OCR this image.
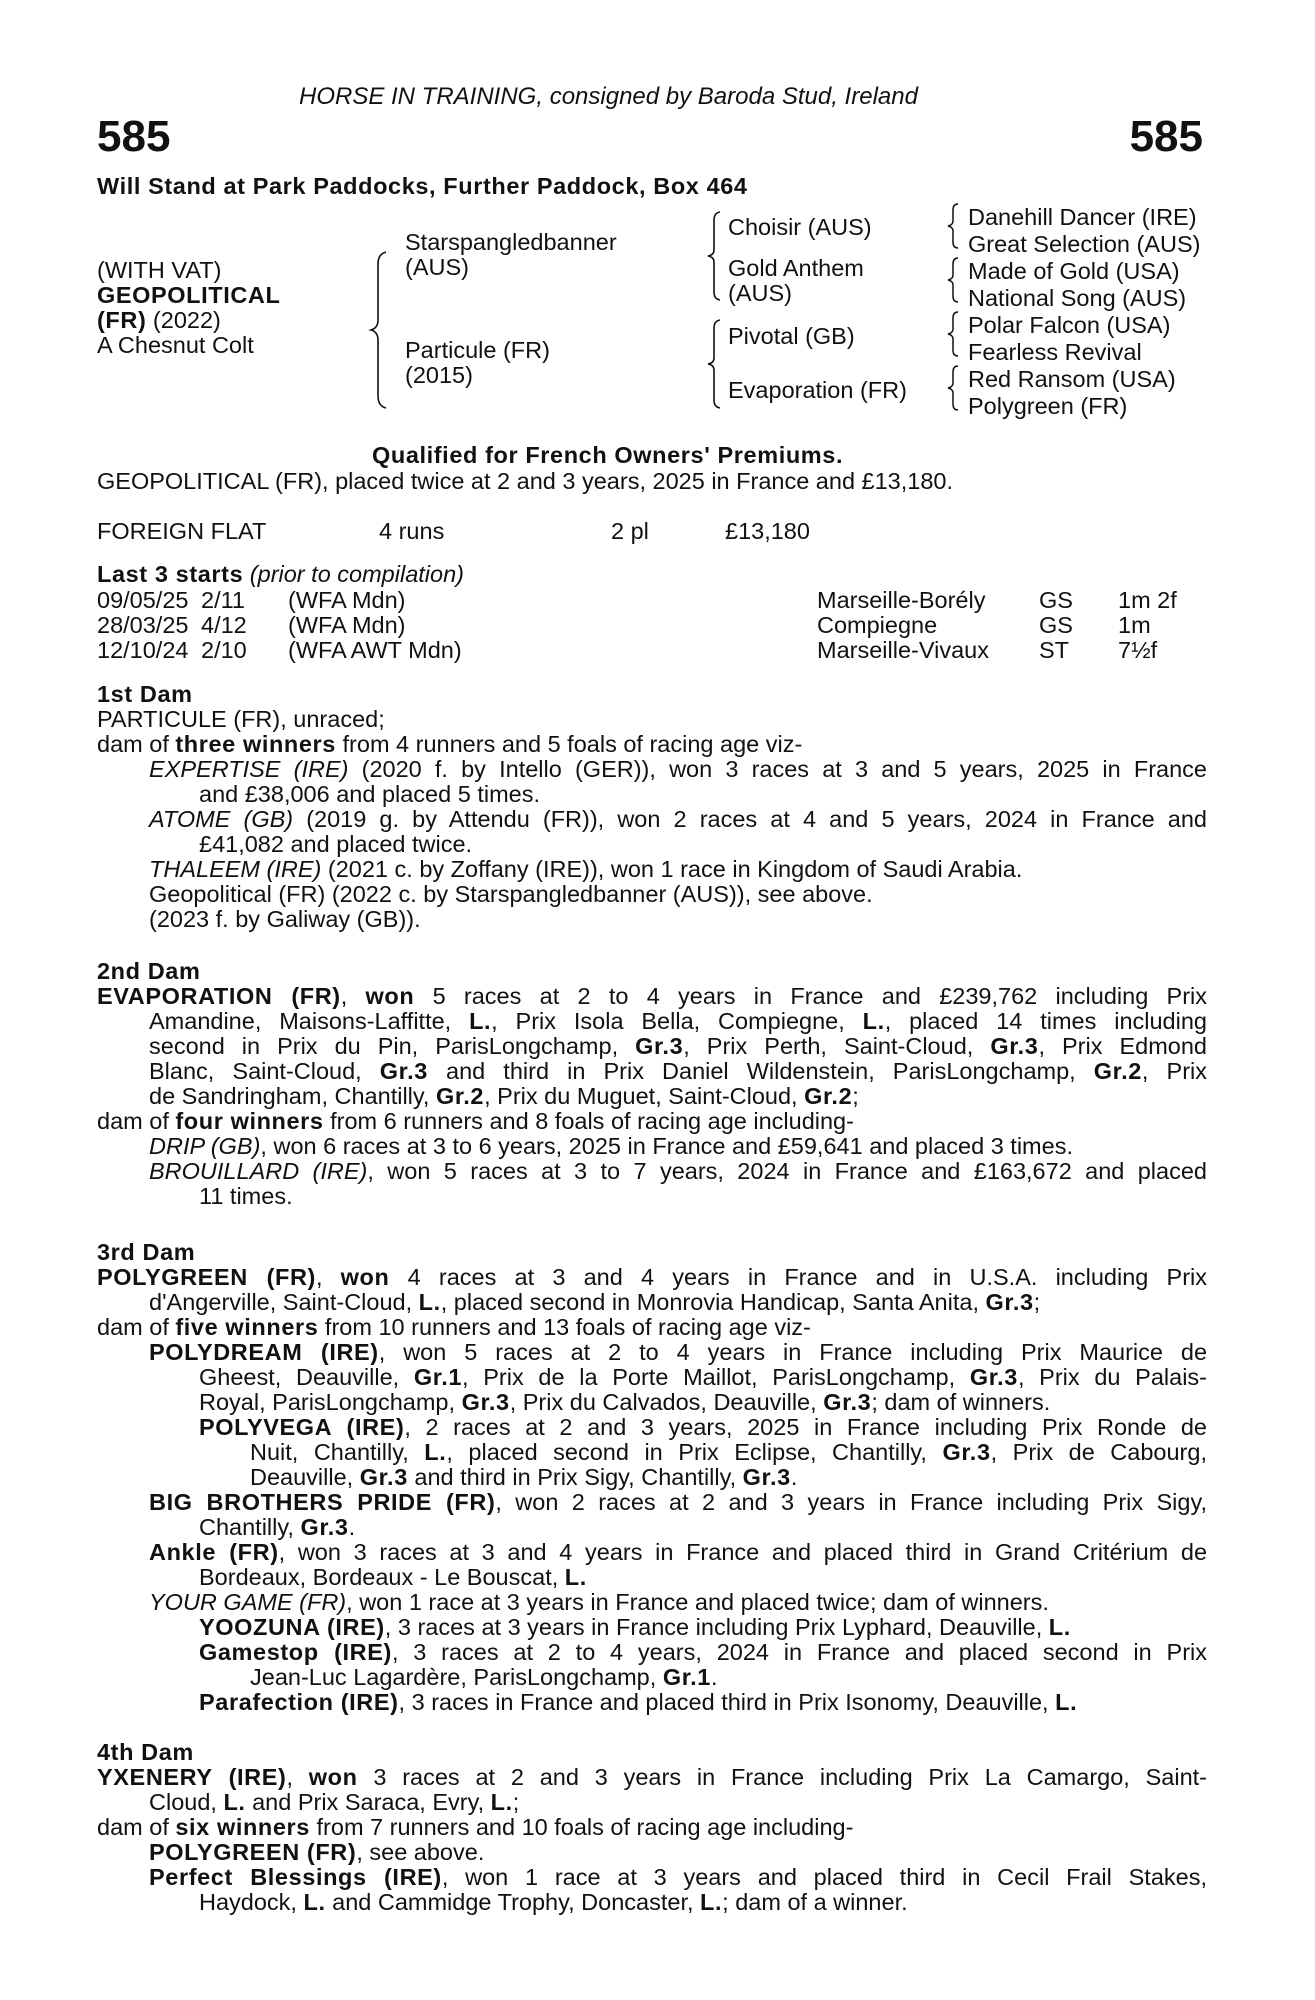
HORSE IN TRAINING, consigned by Baroda Stud, Ireland
585	585
Will Stand at Park Paddocks, Further Paddock, Box 464
(WITH VAT)
GEOPOLITICAL
(FR) (2022)
A Chesnut Colt
Starspangledbanner
(AUS)
Particule (FR)
(2015)
Choisir (AUS)
Gold Anthem
(AUS)
Pivotal (GB)
Evaporation (FR)
Danehill Dancer (IRE)
Great Selection (AUS)
Made of Gold (USA)
National Song (AUS)
Polar Falcon (USA)
Fearless Revival
Red Ransom (USA)
Polygreen (FR)
Qualified for French Owners' Premiums.
GEOPOLITICAL (FR), placed twice at 2 and 3 years, 2025 in France and £13,180.
FOREIGN FLAT	4 runs	2 pl	£13,180
Last 3 starts (prior to compilation)
09/05/25 2/11 (WFA Mdn)	Marseille-Borély GS 1m 2f
28/03/25 4/12 (WFA Mdn)	Compiegne	GS 1m
12/10/24 2/10 (WFA AWT Mdn)	Marseille-Vivaux ST 7½f
1st Dam
PARTICULE (FR), unraced;
dam of three winners from 4 runners and 5 foals of racing age viz-
EXPERTISE (IRE) (2020 f. by Intello (GER)), won 3 races at 3 and 5 years, 2025 in France
and £38,006 and placed 5 times.
ATOME (GB) (2019 g. by Attendu (FR)), won 2 races at 4 and 5 years, 2024 in France and
£41,082 and placed twice.
THALEEM (IRE) (2021 c. by Zoffany (IRE)), won 1 race in Kingdom of Saudi Arabia.
Geopolitical (FR) (2022 c. by Starspangledbanner (AUS)), see above.
(2023 f. by Galiway (GB)).
2nd Dam
EVAPORATION (FR), won 5 races at 2 to 4 years in France and £239,762 including Prix
Amandine, Maisons-Laffitte, L., Prix Isola Bella, Compiegne, L., placed 14 times including
second in Prix du Pin, ParisLongchamp, Gr.3, Prix Perth, Saint-Cloud, Gr.3, Prix Edmond
Blanc, Saint-Cloud, Gr.3 and third in Prix Daniel Wildenstein, ParisLongchamp, Gr.2, Prix
de Sandringham, Chantilly, Gr.2, Prix du Muguet, Saint-Cloud, Gr.2;
dam of four winners from 6 runners and 8 foals of racing age including-
DRIP (GB), won 6 races at 3 to 6 years, 2025 in France and £59,641 and placed 3 times.
BROUILLARD (IRE), won 5 races at 3 to 7 years, 2024 in France and £163,672 and placed
11 times.
3rd Dam
POLYGREEN (FR), won 4 races at 3 and 4 years in France and in U.S.A. including Prix
d'Angerville, Saint-Cloud, L., placed second in Monrovia Handicap, Santa Anita, Gr.3;
dam of five winners from 10 runners and 13 foals of racing age viz-
POLYDREAM (IRE), won 5 races at 2 to 4 years in France including Prix Maurice de
Gheest, Deauville, Gr.1, Prix de la Porte Maillot, ParisLongchamp, Gr.3, Prix du Palais-
Royal, ParisLongchamp, Gr.3, Prix du Calvados, Deauville, Gr.3; dam of winners.
POLYVEGA (IRE), 2 races at 2 and 3 years, 2025 in France including Prix Ronde de
Nuit, Chantilly, L., placed second in Prix Eclipse, Chantilly, Gr.3, Prix de Cabourg,
Deauville, Gr.3 and third in Prix Sigy, Chantilly, Gr.3.
BIG BROTHERS PRIDE (FR), won 2 races at 2 and 3 years in France including Prix Sigy,
Chantilly, Gr.3.
Ankle (FR), won 3 races at 3 and 4 years in France and placed third in Grand Critérium de
Bordeaux, Bordeaux - Le Bouscat, L.
YOUR GAME (FR), won 1 race at 3 years in France and placed twice; dam of winners.
YOOZUNA (IRE), 3 races at 3 years in France including Prix Lyphard, Deauville, L.
Gamestop (IRE), 3 races at 2 to 4 years, 2024 in France and placed second in Prix
Jean-Luc Lagardère, ParisLongchamp, Gr.1.
Parafection (IRE), 3 races in France and placed third in Prix Isonomy, Deauville, L.
4th Dam
YXENERY (IRE), won 3 races at 2 and 3 years in France including Prix La Camargo, Saint-
Cloud, L. and Prix Saraca, Evry, L.;
dam of six winners from 7 runners and 10 foals of racing age including-
POLYGREEN (FR), see above.
Perfect Blessings (IRE), won 1 race at 3 years and placed third in Cecil Frail Stakes,
Haydock, L. and Cammidge Trophy, Doncaster, L.; dam of a winner.
